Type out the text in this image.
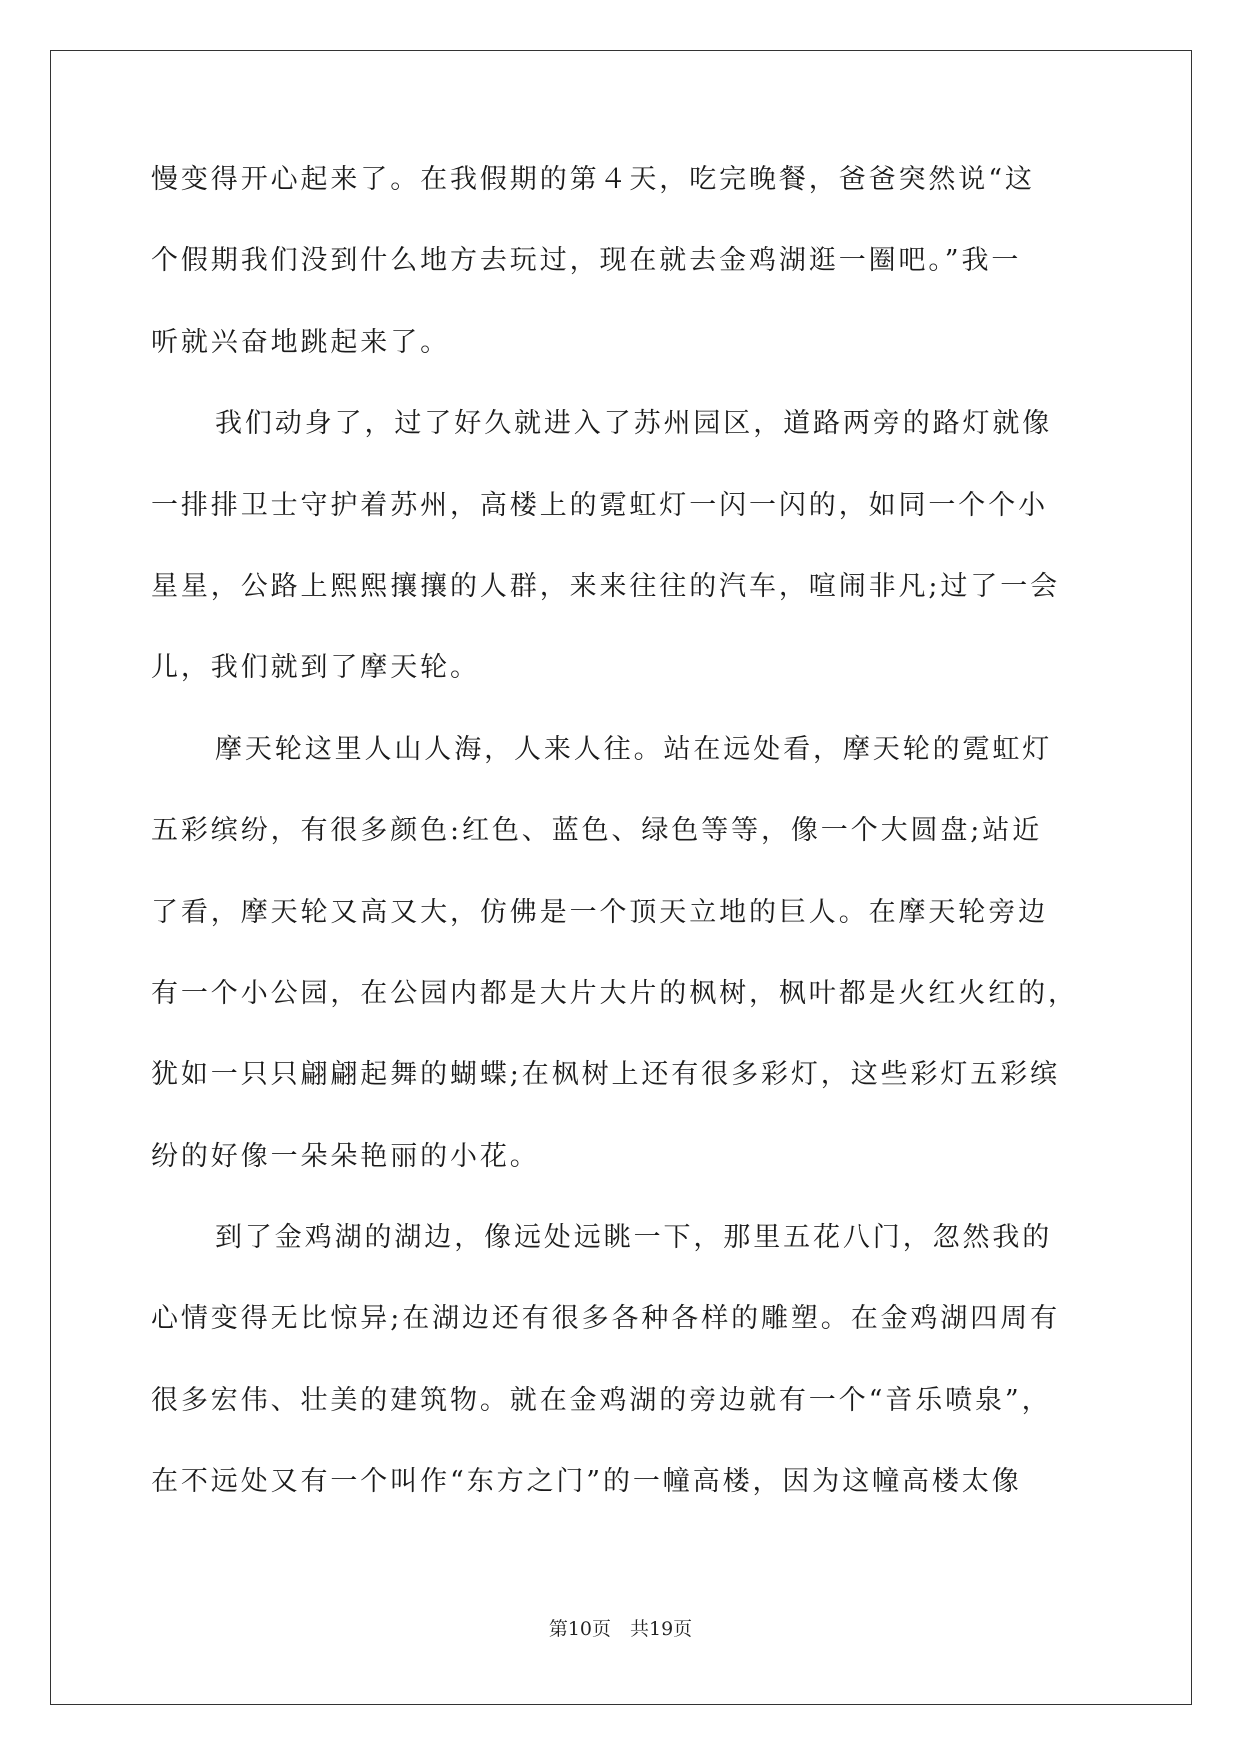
慢变得开心起来了。在我假期的第４天，吃完晚餐，爸爸突然说“这
个假期我们没到什么地方去玩过，现在就去金鸡湖逛一圈吧。”我一
听就兴奋地跳起来了。
我们动身了，过了好久就进入了苏州园区，道路两旁的路灯就像
一排排卫士守护着苏州，高楼上的霓虹灯一闪一闪的，如同一个个小
星星，公路上熙熙攘攘的人群，来来往往的汽车，喧闹非凡;过了一会
儿，我们就到了摩天轮。
摩天轮这里人山人海，人来人往。站在远处看，摩天轮的霓虹灯
五彩缤纷，有很多颜色:红色、蓝色、绿色等等，像一个大圆盘;站近
了看，摩天轮又高又大，仿佛是一个顶天立地的巨人。在摩天轮旁边
有一个小公园，在公园内都是大片大片的枫树，枫叶都是火红火红的，
犹如一只只翩翩起舞的蝴蝶;在枫树上还有很多彩灯，这些彩灯五彩缤
纷的好像一朵朵艳丽的小花。
到了金鸡湖的湖边，像远处远眺一下，那里五花八门，忽然我的
心情变得无比惊异;在湖边还有很多各种各样的雕塑。在金鸡湖四周有
很多宏伟、壮美的建筑物。就在金鸡湖的旁边就有一个“音乐喷泉”，
在不远处又有一个叫作“东方之门”的一幢高楼，因为这幢高楼太像
第10页　共19页
